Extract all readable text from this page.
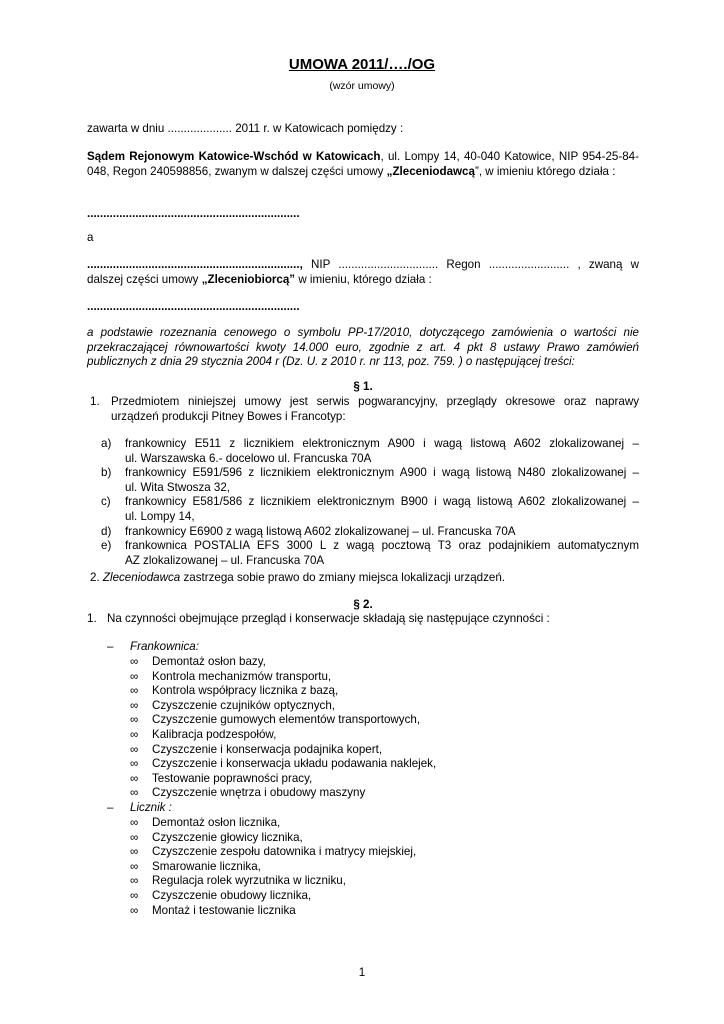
UMOWA 2011/…./OG
(wzór umowy)
zawarta w dniu .................... 2011 r. w Katowicach pomiędzy :
Sądem Rejonowym Katowice-Wschód w Katowicach, ul. Lompy 14, 40-040 Katowice, NIP 954-25-84-048, Regon 240598856, zwanym w dalszej części umowy „Zleceniodawcą”, w imieniu którego działa :
..................................................................
a
.................................................................., NIP ............................... Regon ......................... , zwaną w dalszej części umowy „Zleceniobiorcą” w imieniu, którego działa :
..................................................................
a podstawie rozeznania cenowego o symbolu PP-17/2010, dotyczącego zamówienia o wartości nie przekraczającej równowartości kwoty 14.000 euro, zgodnie z art. 4 pkt 8 ustawy Prawo zamówień publicznych z dnia 29 stycznia 2004 r (Dz. U. z 2010 r. nr 113, poz. 759. ) o następującej treści:
§ 1.
1. Przedmiotem niniejszej umowy jest serwis pogwarancyjny, przeglądy okresowe oraz naprawy urządzeń produkcji Pitney Bowes i Francotyp:
a)	frankownicy E511 z licznikiem elektronicznym A900 i wagą listową A602 zlokalizowanej –
ul. Warszawska 6.- docelowo ul. Francuska 70A
b)	frankownicy E591/596 z licznikiem elektronicznym A900 i wagą listową N480 zlokalizowanej –
ul. Wita Stwosza 32,
c)	frankownicy E581/586 z licznikiem elektronicznym B900 i wagą listową A602 zlokalizowanej –
ul. Lompy 14,
d)	frankownicy E6900 z wagą listową A602 zlokalizowanej – ul. Francuska 70A
e)	frankownica POSTALIA EFS 3000 L z wagą pocztową T3 oraz podajnikiem automatycznym
AZ zlokalizowanej – ul. Francuska 70A
2. Zleceniodawca zastrzega sobie prawo do zmiany miejsca lokalizacji urządzeń.
§ 2.
1. Na czynności obejmujące przegląd i konserwacje składają się następujące czynności :
– Frankownica:
∞ Demontaż osłon bazy,
∞ Kontrola mechanizmów transportu,
∞ Kontrola współpracy licznika z bazą,
∞ Czyszczenie czujników optycznych,
∞ Czyszczenie gumowych elementów transportowych,
∞ Kalibracja podzespołów,
∞ Czyszczenie i konserwacja podajnika kopert,
∞ Czyszczenie i konserwacja układu podawania naklejek,
∞ Testowanie poprawności pracy,
∞ Czyszczenie wnętrza i obudowy maszyny
– Licznik :
∞ Demontaż osłon licznika,
∞ Czyszczenie głowicy licznika,
∞ Czyszczenie zespołu datownika i matrycy miejskiej,
∞ Smarowanie licznika,
∞ Regulacja rolek wyrzutnika w liczniku,
∞ Czyszczenie obudowy licznika,
∞ Montaż i testowanie licznika
1
